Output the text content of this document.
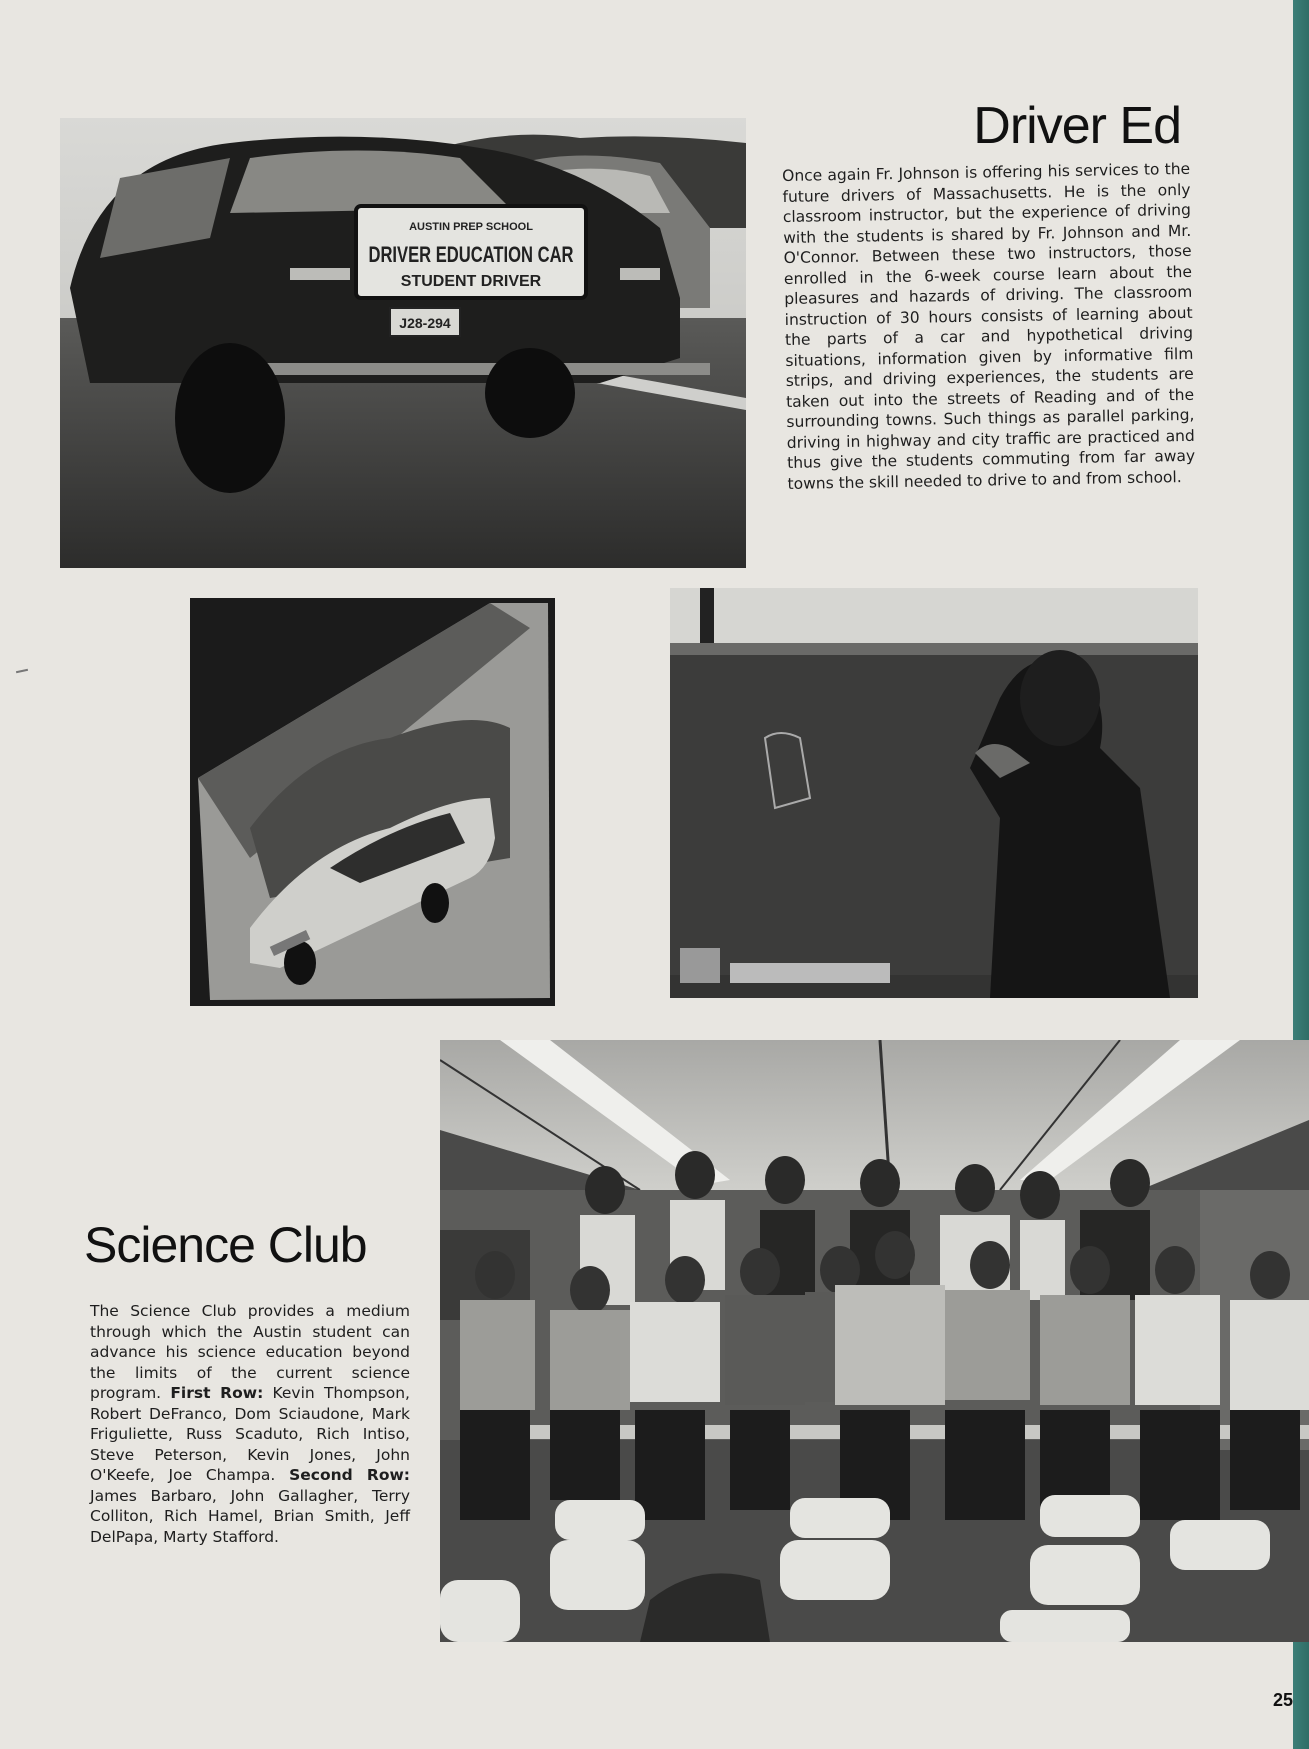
J28-294
AUSTIN PREP SCHOOL
DRIVER EDUCATION CAR
STUDENT DRIVER
Driver Ed

Once again Fr. Johnson is offering his services to the future drivers of Massachusetts. He is the only classroom instructor, but the experience of driving with the students is shared by Fr. Johnson and Mr. O'Connor. Between these two instructors, those enrolled in the 6-week course learn about the pleasures and hazards of driving. The classroom instruction of 30 hours consists of learning about the parts of a car and hypothetical driving situations, information given by informative film strips, and driving experiences, the students are taken out into the streets of Reading and of the surrounding towns. Such things as parallel parking, driving in highway and city traffic are practiced and thus give the students commuting from far away towns the skill needed to drive to and from school.

Science Club

The Science Club provides a medium through which the Austin student can advance his science education beyond the limits of the current science program. First Row: Kevin Thompson, Robert DeFranco, Dom Sciaudone, Mark Friguliette, Russ Scaduto, Rich Intiso, Steve Peterson, Kevin Jones, John O'Keefe, Joe Champa. Second Row: James Barbaro, John Gallagher, Terry Colliton, Rich Hamel, Brian Smith, Jeff DelPapa, Marty Stafford.

25
